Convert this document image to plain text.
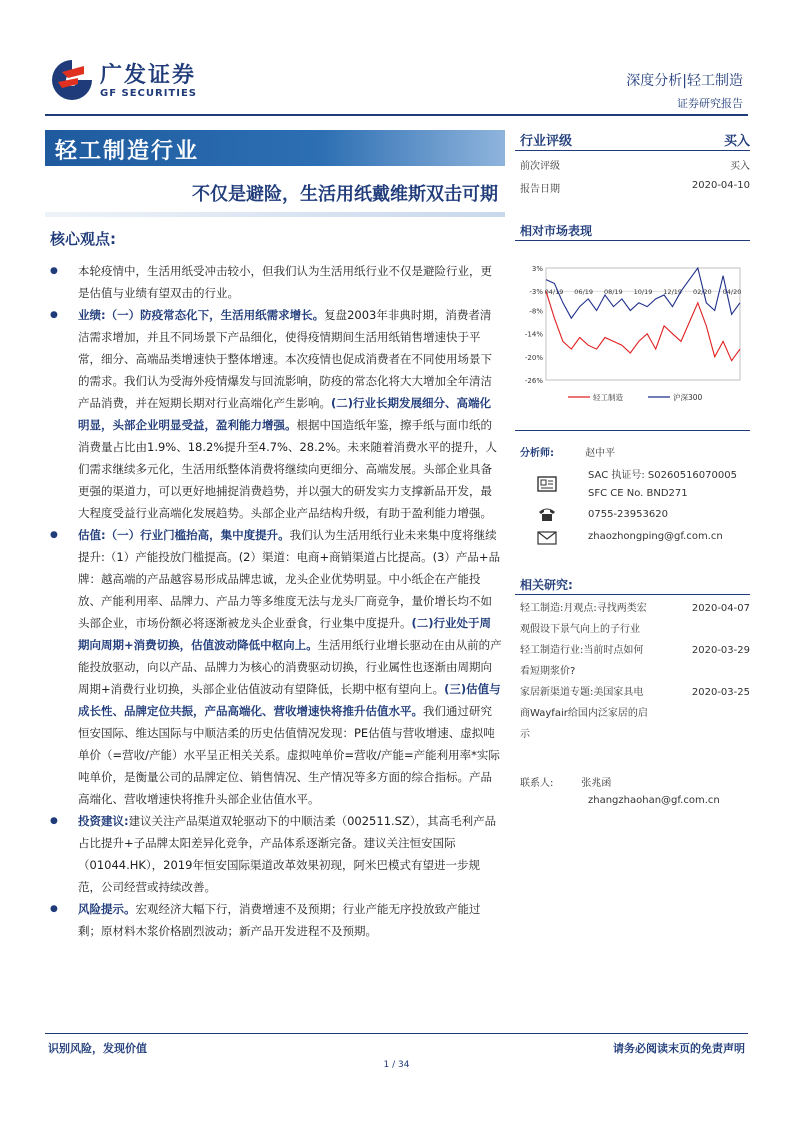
广发证券
GF SECURITIES
深度分析|轻工制造
证券研究报告
轻工制造行业
不仅是避险，生活用纸戴维斯双击可期
行业评级	买入
前次评级	买入
报告日期	2020-04-10
核心观点:
● 本轮疫情中，生活用纸受冲击较小，但我们认为生活用纸行业不仅是避险行业，更是估值与业绩有望双击的行业。
● 业绩:（一）防疫常态化下，生活用纸需求增长。复盘2003年非典时期，消费者清洁需求增加，并且不同场景下产品细化，使得疫情期间生活用纸销售增速快于平常，细分、高端品类增速快于整体增速。本次疫情也促成消费者在不同使用场景下的需求。我们认为受海外疫情爆发与回流影响，防疫的常态化将大大增加全年清洁产品消费，并在短期长期对行业高端化产生影响。(二)行业长期发展细分、高端化明显，头部企业明显受益，盈利能力增强。根据中国造纸年鉴，擦手纸与面巾纸的消费量占比由1.9%、18.2%提升至4.7%、28.2%。未来随着消费水平的提升，人们需求继续多元化，生活用纸整体消费将继续向更细分、高端发展。头部企业具备更强的渠道力，可以更好地捕捉消费趋势，并以强大的研发实力支撑新品开发，最大程度受益行业高端化发展趋势。头部企业产品结构升级，有助于盈利能力增强。
● 估值:（一）行业门槛抬高，集中度提升。我们认为生活用纸行业未来集中度将继续提升:（1）产能投放门槛提高。(2）渠道：电商+商销渠道占比提高。(3）产品+品牌：越高端的产品越容易形成品牌忠诚，龙头企业优势明显。中小纸企在产能投放、产能利用率、品牌力、产品力等多维度无法与龙头厂商竞争，量价增长均不如头部企业，市场份额必将逐渐被龙头企业蚕食，行业集中度提升。(二)行业处于周期向周期+消费切换，估值波动降低中枢向上。生活用纸行业增长驱动在由从前的产能投放驱动，向以产品、品牌力为核心的消费驱动切换，行业属性也逐渐由周期向周期+消费行业切换，头部企业估值波动有望降低，长期中枢有望向上。(三)估值与成长性、品牌定位共振，产品高端化、营收增速快将推升估值水平。我们通过研究恒安国际、维达国际与中顺洁柔的历史估值情况发现：PE估值与营收增速、虚拟吨单价（=营收/产能）水平呈正相关关系。虚拟吨单价=营收/产能=产能利用率*实际吨单价，是衡量公司的品牌定位、销售情况、生产情况等多方面的综合指标。产品高端化、营收增速快将推升头部企业估值水平。
● 投资建议:建议关注产品渠道双轮驱动下的中顺洁柔（002511.SZ），其高毛利产品占比提升+子品牌太阳差异化竞争，产品体系逐渐完备。建议关注恒安国际（01044.HK），2019年恒安国际渠道改革效果初现，阿米巴模式有望进一步规范，公司经营或持续改善。
● 风险提示。宏观经济大幅下行，消费增速不及预期；行业产能无序投放致产能过剩；原材料木浆价格剧烈波动；新产品开发进程不及预期。
相对市场表现
3%
-3%
-8%
-14%
-20%
-26%
04/19 06/19 08/19 10/19 12/19 02/20 04/20
轻工制造	沪深300
分析师:	赵中平
SAC 执证号: S0260516070005
SFC CE No. BND271
0755-23953620
zhaozhongping@gf.com.cn
相关研究:
轻工制造:月观点:寻找两类宏	2020-04-07
观假设下景气向上的子行业
轻工制造行业:当前时点如何	2020-03-29
看短期浆价?
家居新渠道专题:美国家具电	2020-03-25
商Wayfair给国内泛家居的启
示
联系人:	张兆函
zhangzhaohan@gf.com.cn
识别风险，发现价值	请务必阅读末页的免责声明
1 / 34
